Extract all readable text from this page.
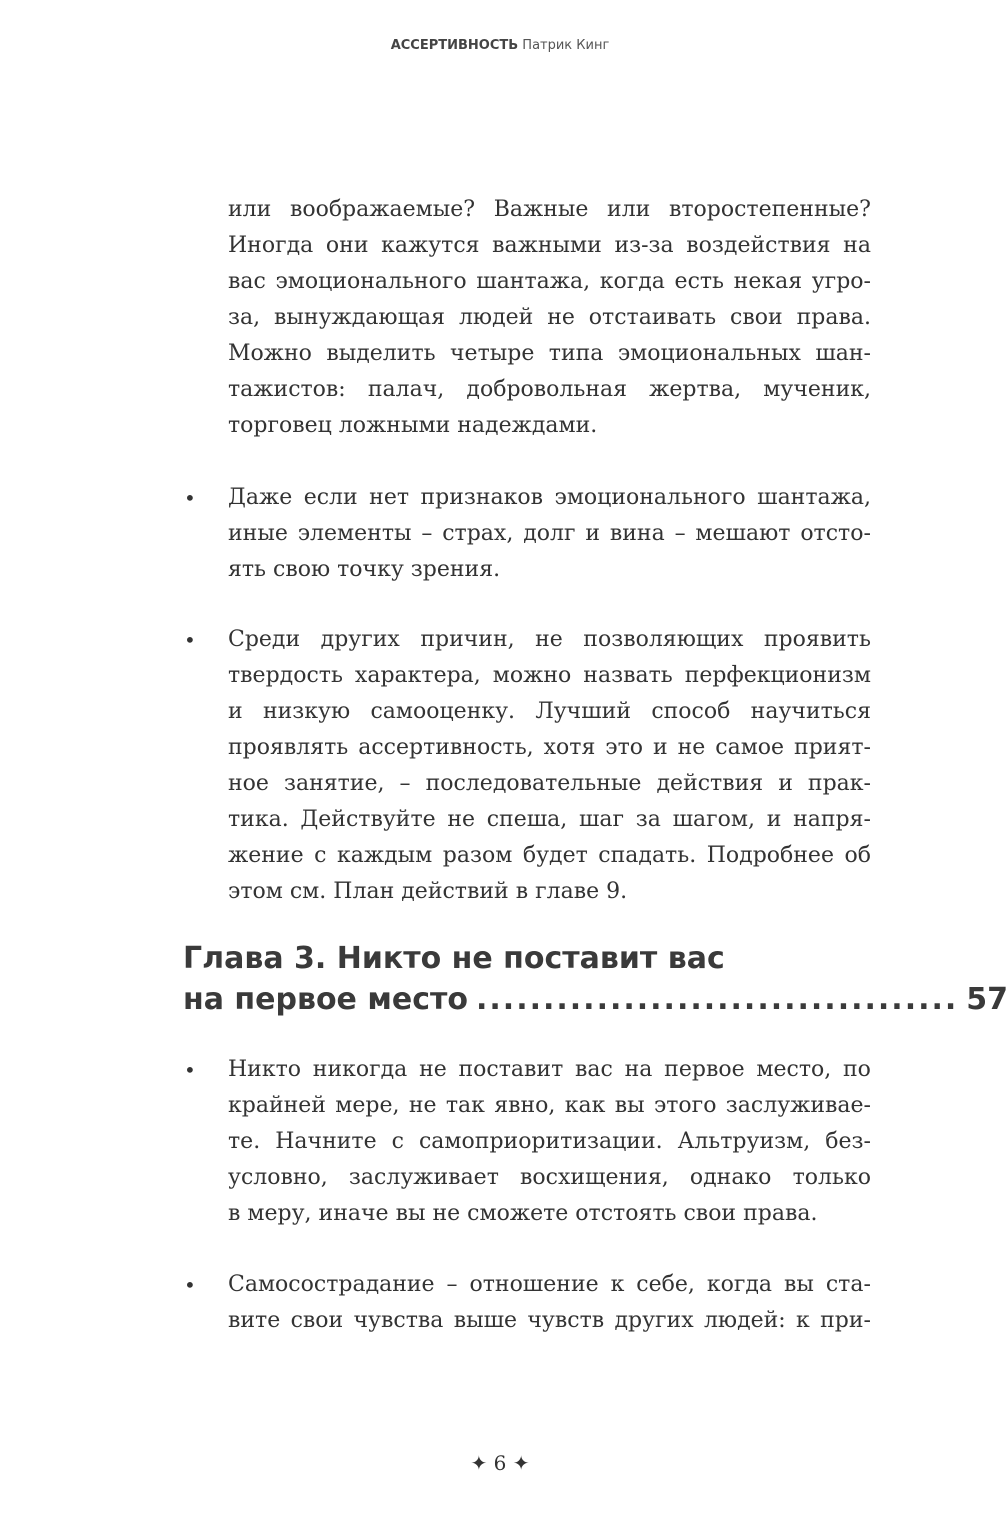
АССЕРТИВНОСТЬ Патрик Кинг
или воображаемые? Важные или второстепенные?
Иногда они кажутся важными из-за воздействия на
вас эмоционального шантажа, когда есть некая угро-
за, вынуждающая людей не отстаивать свои права.
Можно выделить четыре типа эмоциональных шан-
тажистов: палач, добровольная жертва, мученик,
торговец ложными надеждами.
• Даже если нет признаков эмоционального шантажа,
иные элементы – страх, долг и вина – мешают отсто-
ять свою точку зрения.
• Среди других причин, не позволяющих проявить
твердость характера, можно назвать перфекционизм
и низкую самооценку. Лучший способ научиться
проявлять ассертивность, хотя это и не самое прият-
ное занятие, – последовательные действия и прак-
тика. Действуйте не спеша, шаг за шагом, и напря-
жение с каждым разом будет спадать. Подробнее об
этом см. План действий в главе 9.
Глава 3. Никто не поставит вас
на первое место .................................... 57
• Никто никогда не поставит вас на первое место, по
крайней мере, не так явно, как вы этого заслуживае-
те. Начните с самоприоритизации. Альтруизм, без-
условно, заслуживает восхищения, однако только
в меру, иначе вы не сможете отстоять свои права.
• Самосострадание – отношение к себе, когда вы ста-
вите свои чувства выше чувств других людей: к при-
✦ 6 ✦
